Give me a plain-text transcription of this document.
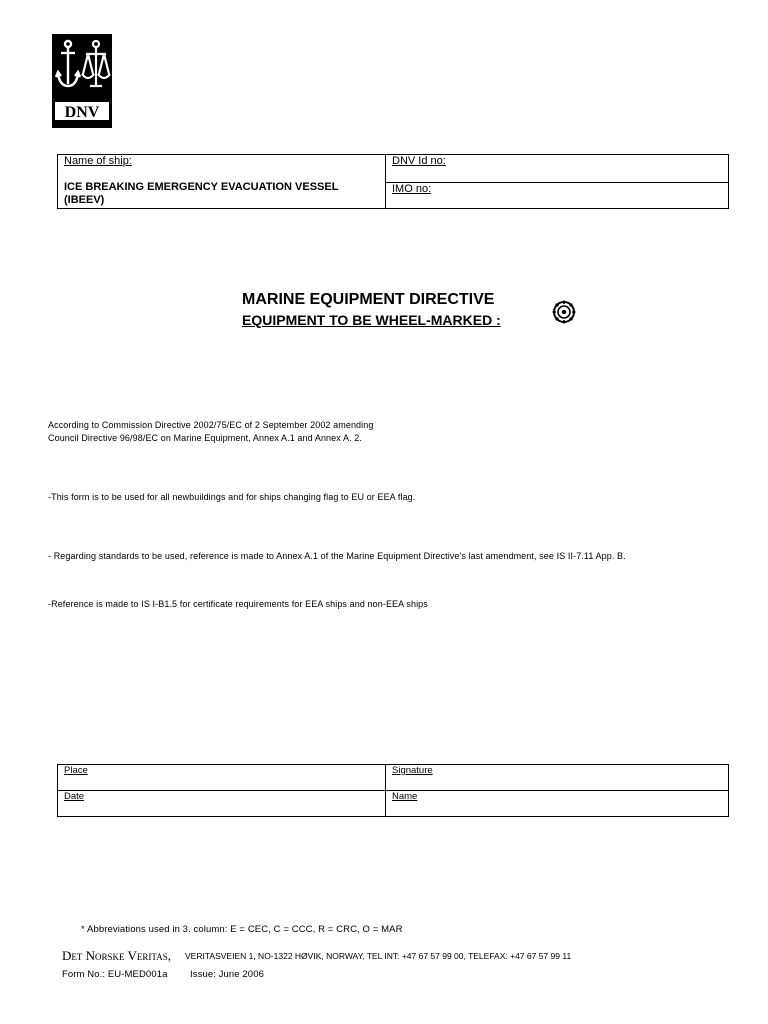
DNV
Name of ship:
ICE BREAKING EMERGENCY EVACUATION VESSEL
(IBEEV)
DNV Id no:
IMO no:
MARINE EQUIPMENT DIRECTIVE
EQUIPMENT TO BE WHEEL-MARKED :
According to Commission Directive 2002/75/EC of 2 September 2002 amending
Council Directive 96/98/EC on Marine Equipment, Annex A.1 and Annex A. 2.
-This form is to be used for all newbuildings and for ships changing flag to EU or EEA flag.
- Regarding standards to be used, reference is made to Annex A.1 of the Marine Equipment Directive's last amendment, see IS II-7.11 App. B.
-Reference is made to IS I-B1.5 for certificate requirements for EEA ships and non-EEA ships
Place	Signature
Date	Name
* Abbreviations used in 3. column: E = CEC, C = CCC, R = CRC, O = MAR
Det Norske Veritas, VERITASVEIEN 1, NO-1322 HØVIK, NORWAY, TEL INT: +47 67 57 99 00, TELEFAX: +47 67 57 99 11
Form No.: EU-MED001a Issue: June 2006
